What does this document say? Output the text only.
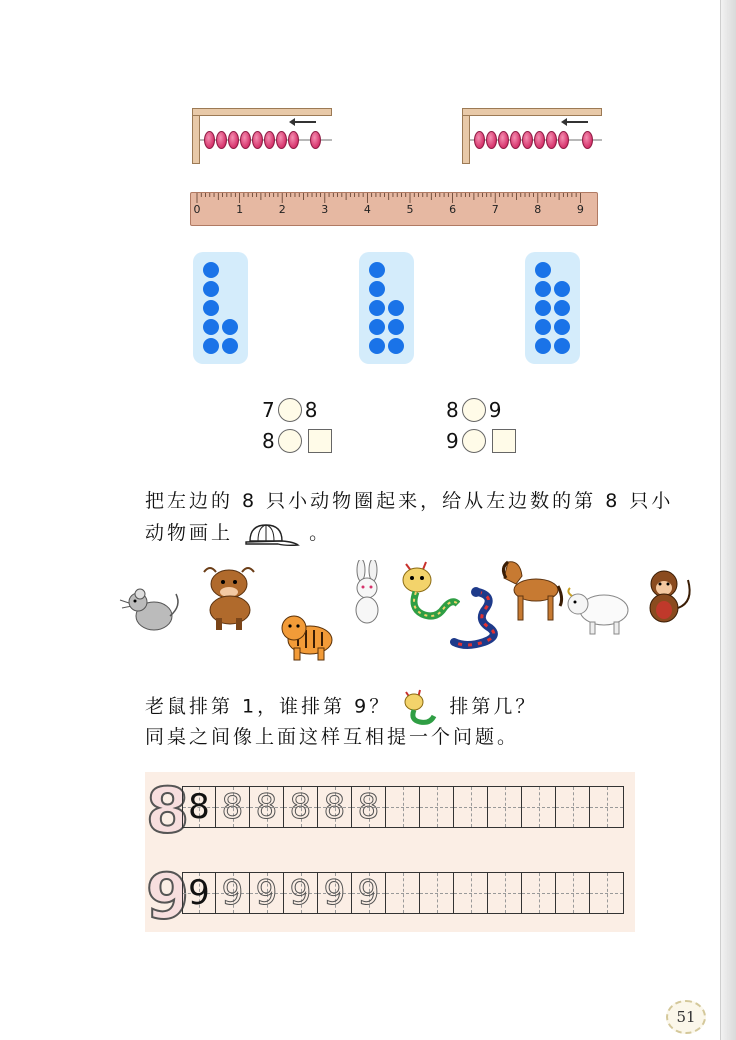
0	1	2	3	4	5	6	7	8	9
7 8
8
8 9
9
把左边的 8 只小动物圈起来，给从左边数的第 8 只小
动物画上	。
老鼠排第 1，谁排第 9？	排第几？
同桌之间像上面这样互相提一个问题。
8 8 8 8 8 8 8
9 9 9 9 9 9 9
51
